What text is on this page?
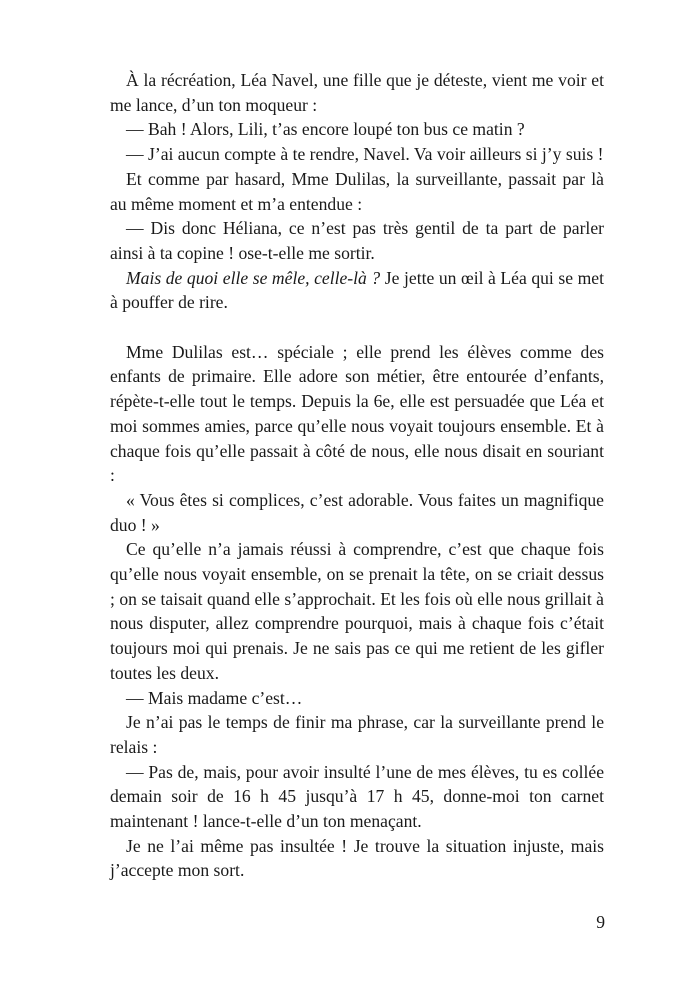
À la récréation, Léa Navel, une fille que je déteste, vient me voir et me lance, d’un ton moqueur :

— Bah ! Alors, Lili, t’as encore loupé ton bus ce matin ?

— J’ai aucun compte à te rendre, Navel. Va voir ailleurs si j’y suis !

Et comme par hasard, Mme Dulilas, la surveillante, passait par là au même moment et m’a entendue :

— Dis donc Héliana, ce n’est pas très gentil de ta part de parler ainsi à ta copine ! ose-t-elle me sortir.

Mais de quoi elle se mêle, celle-là ? Je jette un œil à Léa qui se met à pouffer de rire.

Mme Dulilas est… spéciale ; elle prend les élèves comme des enfants de primaire. Elle adore son métier, être entourée d’enfants, répète-t-elle tout le temps. Depuis la 6e, elle est persuadée que Léa et moi sommes amies, parce qu’elle nous voyait toujours ensemble. Et à chaque fois qu’elle passait à côté de nous, elle nous disait en souriant :

« Vous êtes si complices, c’est adorable. Vous faites un magnifique duo ! »

Ce qu’elle n’a jamais réussi à comprendre, c’est que chaque fois qu’elle nous voyait ensemble, on se prenait la tête, on se criait dessus ; on se taisait quand elle s’approchait. Et les fois où elle nous grillait à nous disputer, allez comprendre pourquoi, mais à chaque fois c’était toujours moi qui prenais. Je ne sais pas ce qui me retient de les gifler toutes les deux.

— Mais madame c’est…

Je n’ai pas le temps de finir ma phrase, car la surveillante prend le relais :

— Pas de, mais, pour avoir insulté l’une de mes élèves, tu es collée demain soir de 16 h 45 jusqu’à 17 h 45, donne-moi ton carnet maintenant ! lance-t-elle d’un ton menaçant.

Je ne l’ai même pas insultée ! Je trouve la situation injuste, mais j’accepte mon sort.

9
